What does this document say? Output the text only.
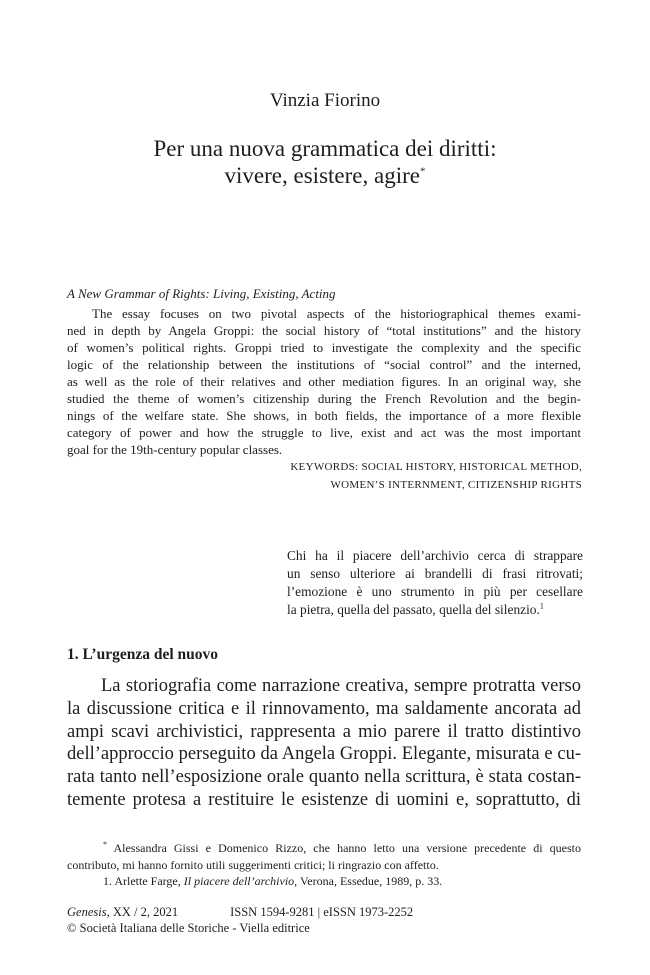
Vinzia Fiorino
Per una nuova grammatica dei diritti:
vivere, esistere, agire*
A New Grammar of Rights: Living, Existing, Acting
The essay focuses on two pivotal aspects of the historiographical themes exami-
ned in depth by Angela Groppi: the social history of “total institutions” and the history
of women’s political rights. Groppi tried to investigate the complexity and the specific
logic of the relationship between the institutions of “social control” and the interned,
as well as the role of their relatives and other mediation figures. In an original way, she
studied the theme of women’s citizenship during the French Revolution and the begin-
nings of the welfare state. She shows, in both fields, the importance of a more flexible
category of power and how the struggle to live, exist and act was the most important
goal for the 19th-century popular classes.
KEYWORDS: SOCIAL HISTORY, HISTORICAL METHOD,
WOMEN’S INTERNMENT, CITIZENSHIP RIGHTS
Chi ha il piacere dell’archivio cerca di strappare
un senso ulteriore ai brandelli di frasi ritrovati;
l’emozione è uno strumento in più per cesellare
la pietra, quella del passato, quella del silenzio.$^1$
1. L’urgenza del nuovo
La storiografia come narrazione creativa, sempre protratta verso
la discussione critica e il rinnovamento, ma saldamente ancorata ad
ampi scavi archivistici, rappresenta a mio parere il tratto distintivo
dell’approccio perseguito da Angela Groppi. Elegante, misurata e cu-
rata tanto nell’esposizione orale quanto nella scrittura, è stata costan-
temente protesa a restituire le esistenze di uomini e, soprattutto, di
* Alessandra Gissi e Domenico Rizzo, che hanno letto una versione precedente di questo
contributo, mi hanno fornito utili suggerimenti critici; li ringrazio con affetto.
1. Arlette Farge, Il piacere dell’archivio, Verona, Essedue, 1989, p. 33.
Genesis, XX / 2, 2021	ISSN 1594-9281 | eISSN 1973-2252
© Società Italiana delle Storiche - Viella editrice
